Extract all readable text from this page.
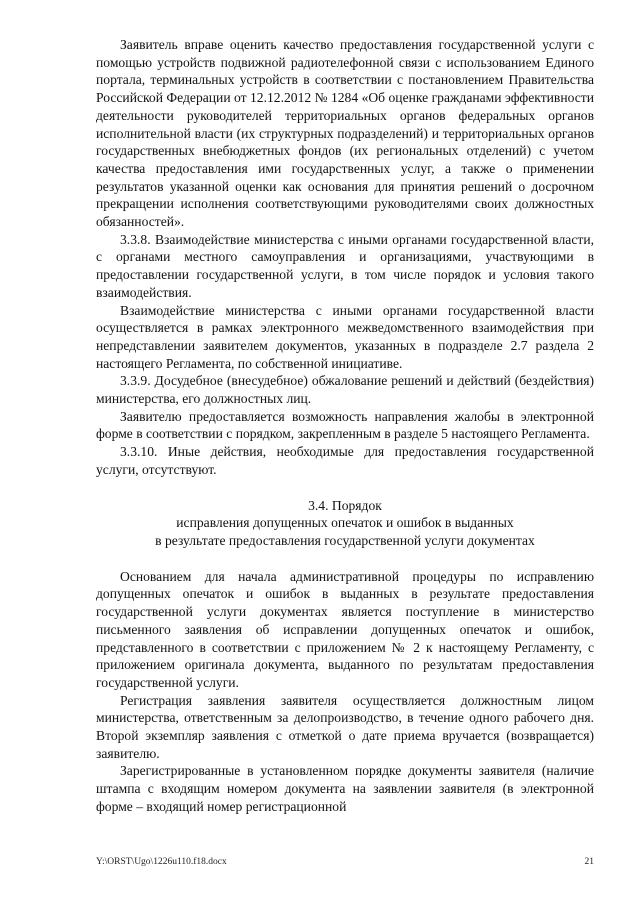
Заявитель вправе оценить качество предоставления государственной услуги с помощью устройств подвижной радиотелефонной связи с использованием Единого портала, терминальных устройств в соответствии с постановлением Правительства Российской Федерации от 12.12.2012 № 1284 «Об оценке гражданами эффективности деятельности руководителей территориальных органов федеральных органов исполнительной власти (их структурных подразделений) и территориальных органов государственных внебюджетных фондов (их региональных отделений) с учетом качества предоставления ими государственных услуг, а также о применении результатов указанной оценки как основания для принятия решений о досрочном прекращении исполнения соответствующими руководителями своих должностных обязанностей».

3.3.8. Взаимодействие министерства с иными органами государственной власти, с органами местного самоуправления и организациями, участвующими в предоставлении государственной услуги, в том числе порядок и условия такого взаимодействия.

Взаимодействие министерства с иными органами государственной власти осуществляется в рамках электронного межведомственного взаимодействия при непредставлении заявителем документов, указанных в подразделе 2.7 раздела 2 настоящего Регламента, по собственной инициативе.

3.3.9. Досудебное (внесудебное) обжалование решений и действий (бездействия) министерства, его должностных лиц.

Заявителю предоставляется возможность направления жалобы в электронной форме в соответствии с порядком, закрепленным в разделе 5 настоящего Регламента.

3.3.10. Иные действия, необходимые для предоставления государственной услуги, отсутствуют.

3.4. Порядок
исправления допущенных опечаток и ошибок в выданных
в результате предоставления государственной услуги документах

Основанием для начала административной процедуры по исправлению допущенных опечаток и ошибок в выданных в результате предоставления государственной услуги документах является поступление в министерство письменного заявления об исправлении допущенных опечаток и ошибок, представленного в соответствии с приложением № 2 к настоящему Регламенту, с приложением оригинала документа, выданного по результатам предоставления государственной услуги.

Регистрация заявления заявителя осуществляется должностным лицом министерства, ответственным за делопроизводство, в течение одного рабочего дня. Второй экземпляр заявления с отметкой о дате приема вручается (возвращается) заявителю.

Зарегистрированные в установленном порядке документы заявителя (наличие штампа с входящим номером документа на заявлении заявителя (в электронной форме – входящий номер регистрационной

Y:\ORST\Ugo\1226u110.f18.docx	21
